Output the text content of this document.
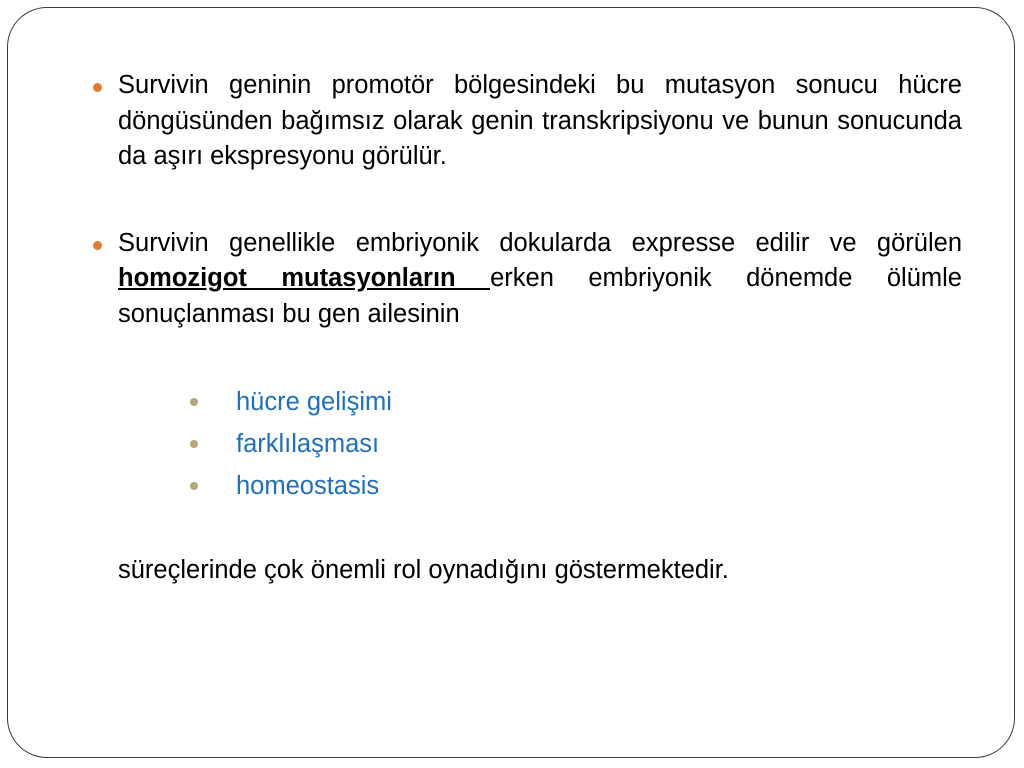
Survivin geninin promotör bölgesindeki bu mutasyon sonucu hücre döngüsünden bağımsız olarak genin transkripsiyonu ve bunun sonucunda da aşırı ekspresyonu görülür.
Survivin genellikle embriyonik dokularda expresse edilir ve görülen homozigot mutasyonların erken embriyonik dönemde ölümle sonuçlanması bu gen ailesinin
hücre gelişimi
farklılaşması
homeostasis
süreçlerinde çok önemli rol oynadığını göstermektedir.
